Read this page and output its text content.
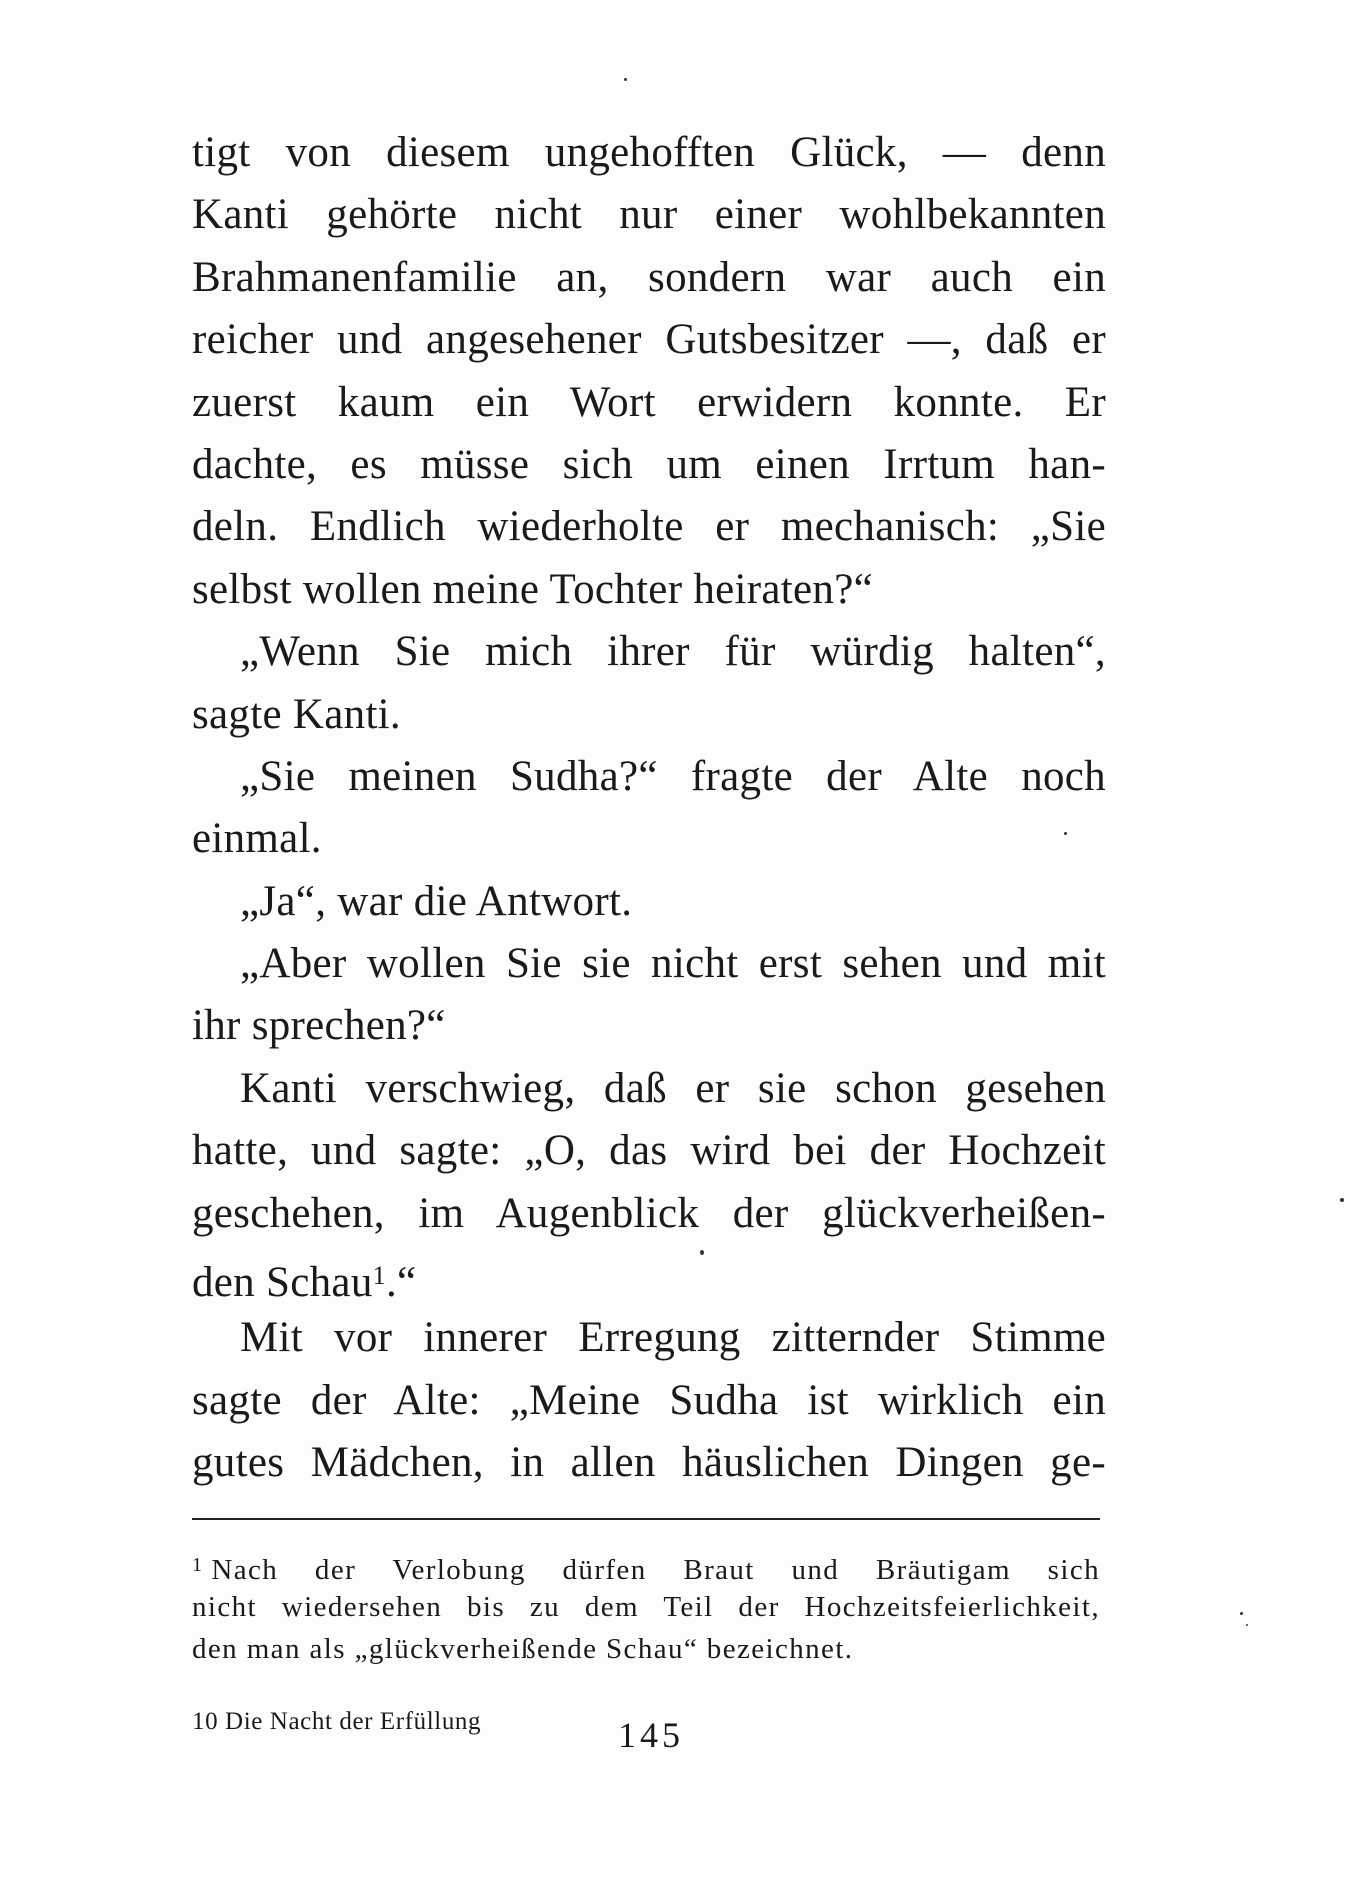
tigt von diesem ungehofften Glück, — denn
Kanti gehörte nicht nur einer wohlbekannten
Brahmanenfamilie an, sondern war auch ein
reicher und angesehener Gutsbesitzer —, daß er
zuerst kaum ein Wort erwidern konnte. Er
dachte, es müsse sich um einen Irrtum han-
deln. Endlich wiederholte er mechanisch: „Sie
selbst wollen meine Tochter heiraten?“
„Wenn Sie mich ihrer für würdig halten“,
sagte Kanti.
„Sie meinen Sudha?“ fragte der Alte noch
einmal.
„Ja“, war die Antwort.
„Aber wollen Sie sie nicht erst sehen und mit
ihr sprechen?“
Kanti verschwieg, daß er sie schon gesehen
hatte, und sagte: „O, das wird bei der Hochzeit
geschehen, im Augenblick der glückverheißen-
den Schau$^1$.“
Mit vor innerer Erregung zitternder Stimme
sagte der Alte: „Meine Sudha ist wirklich ein
gutes Mädchen, in allen häuslichen Dingen ge-
$^1$ Nach der Verlobung dürfen Braut und Bräutigam sich
nicht wiedersehen bis zu dem Teil der Hochzeitsfeierlichkeit,
den man als „glückverheißende Schau“ bezeichnet.
10 Die Nacht der Erfüllung	145
